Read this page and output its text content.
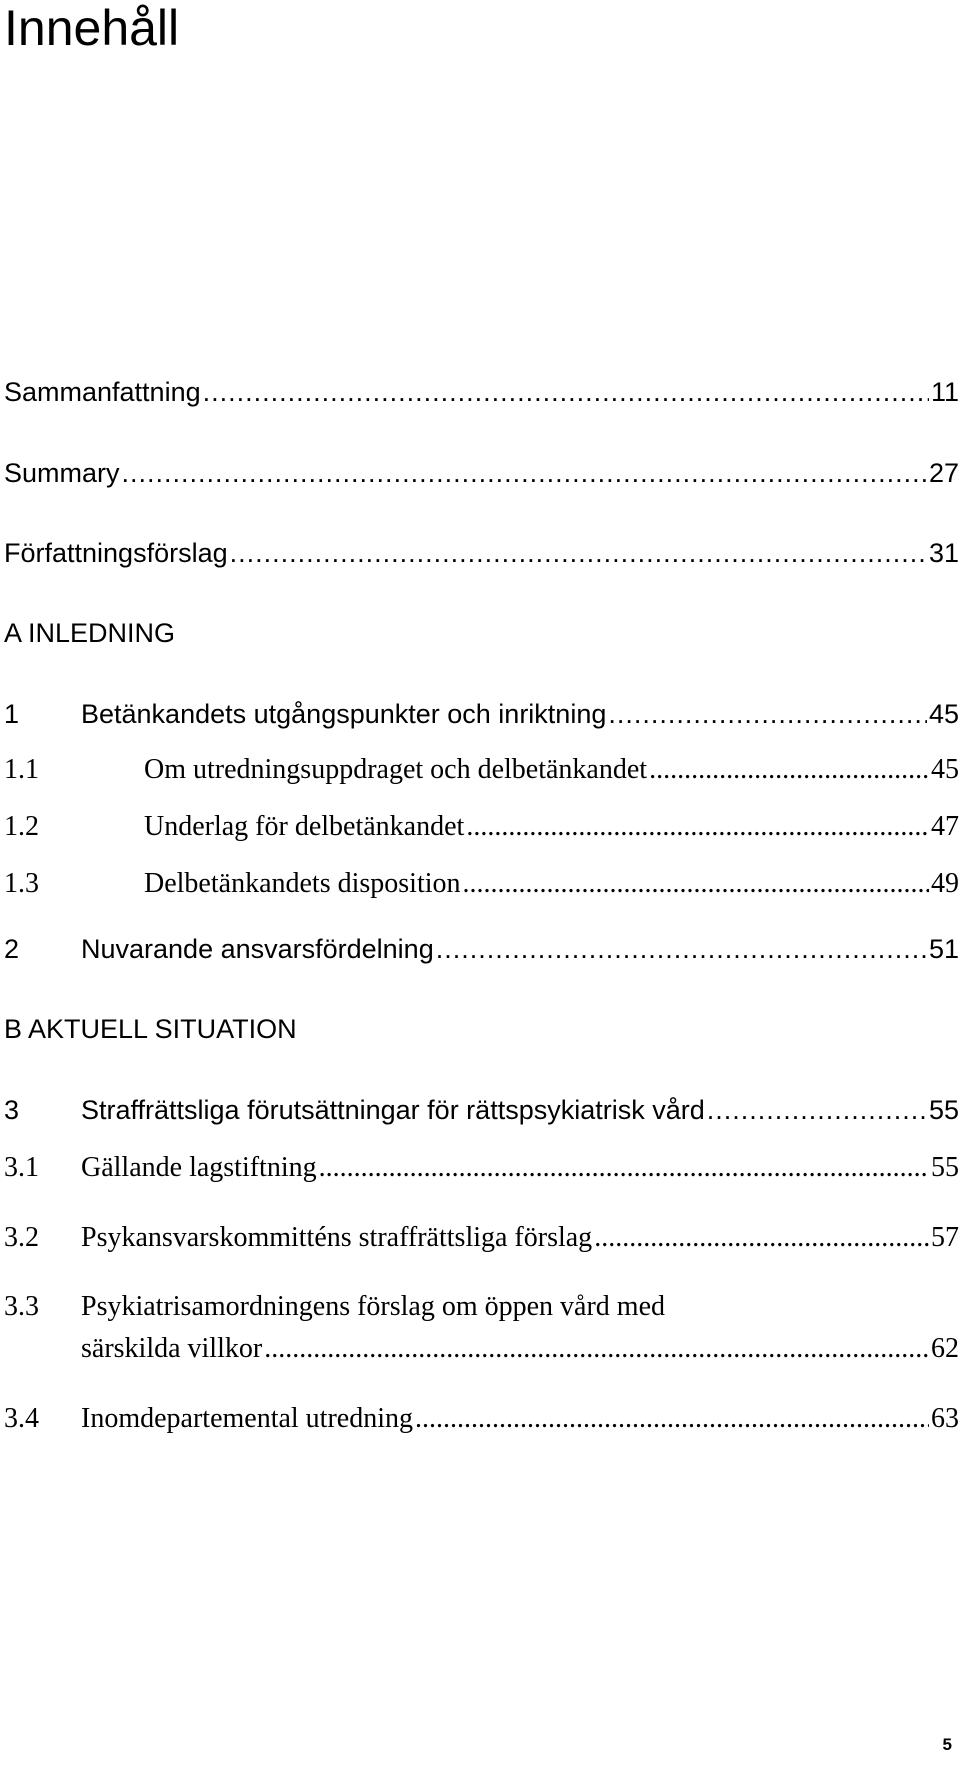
Innehåll
Sammanfattning .....	11
Summary .....	27
Författningsförslag .....	31
A INLEDNING
1	Betänkandets utgångspunkter och inriktning .....	45
1.1	Om utredningsuppdraget och delbetänkandet .....	45
1.2	Underlag för delbetänkandet .....	47
1.3	Delbetänkandets disposition .....	49
2	Nuvarande ansvarsfördelning .....	51
B AKTUELL SITUATION
3	Straffrättsliga förutsättningar för rättspsykiatrisk vård .....	55
3.1	Gällande lagstiftning .....	55
3.2	Psykansvarskommitténs straffrättsliga förslag .....	57
3.3 Psykiatrisamordningens förslag om öppen vård med
särskilda villkor .....	62
3.4	Inomdepartemental utredning .....	63
5
